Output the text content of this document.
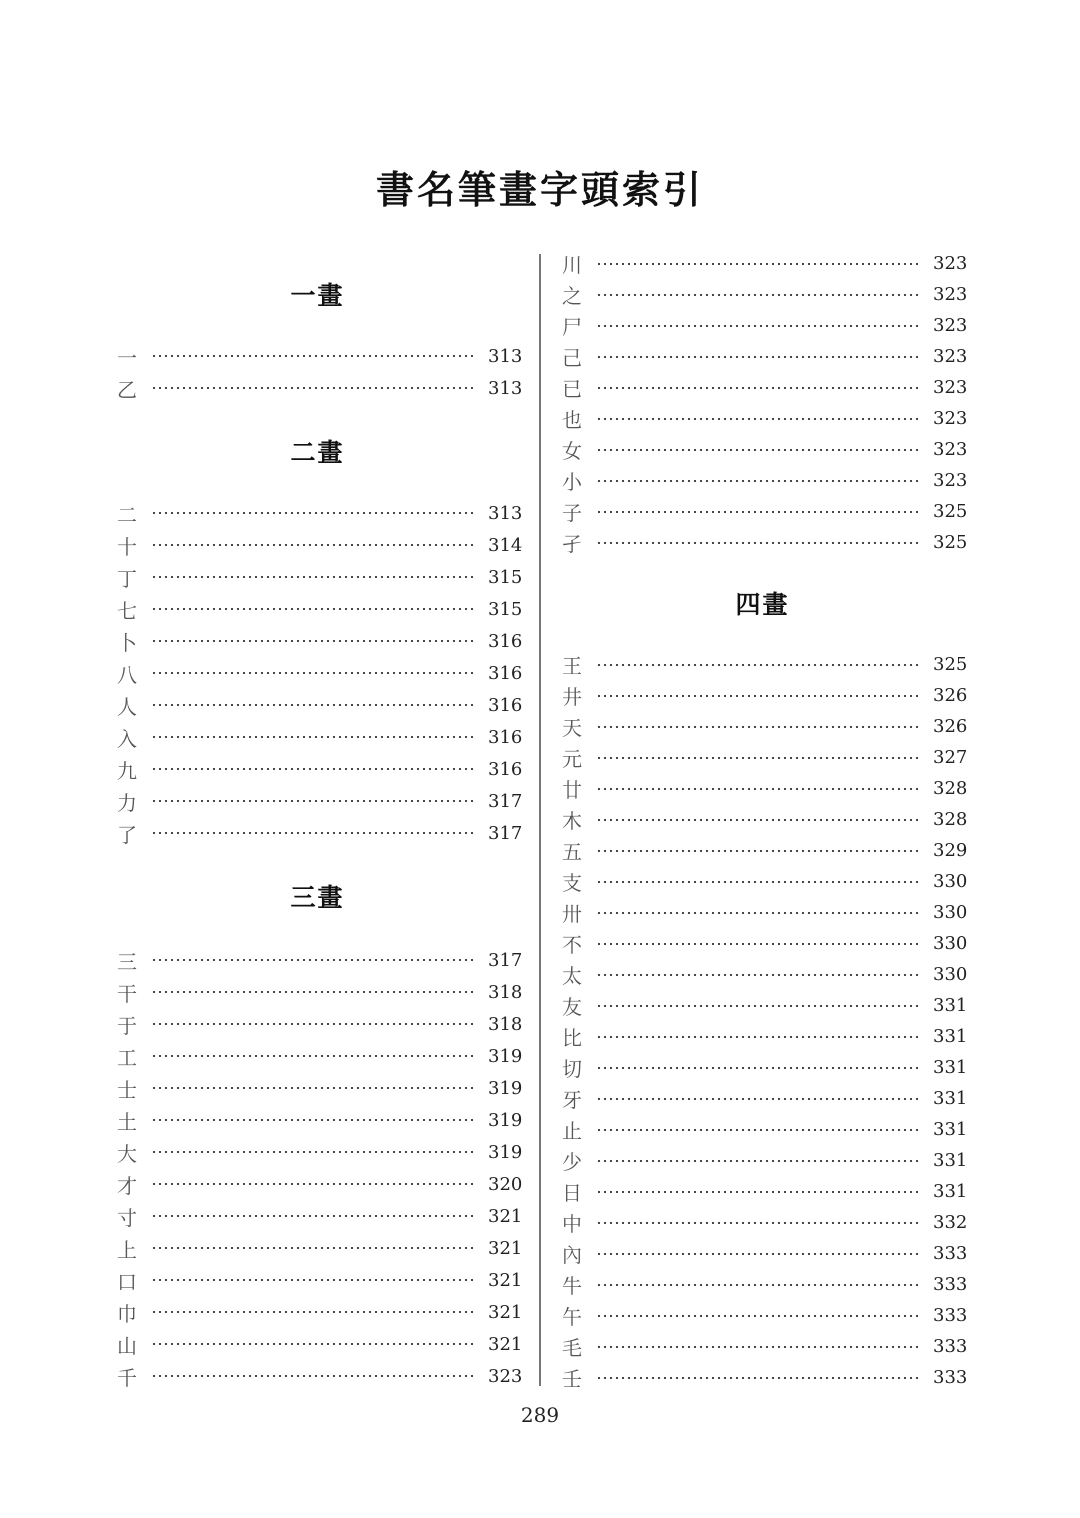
書名筆畫字頭索引
一畫
一	313
乙	313
二畫
二	313
十	314
丁	315
七	315
卜	316
八	316
人	316
入	316
九	316
力	317
了	317
三畫
三	317
干	318
于	318
工	319
士	319
土	319
大	319
才	320
寸	321
上	321
口	321
巾	321
山	321
千	323
川	323
之	323
尸	323
己	323
已	323
也	323
女	323
小	323
子	325
孑	325
四畫
王	325
井	326
天	326
元	327
廿	328
木	328
五	329
支	330
卅	330
不	330
太	330
友	331
比	331
切	331
牙	331
止	331
少	331
日	331
中	332
內	333
牛	333
午	333
毛	333
壬	333
289
